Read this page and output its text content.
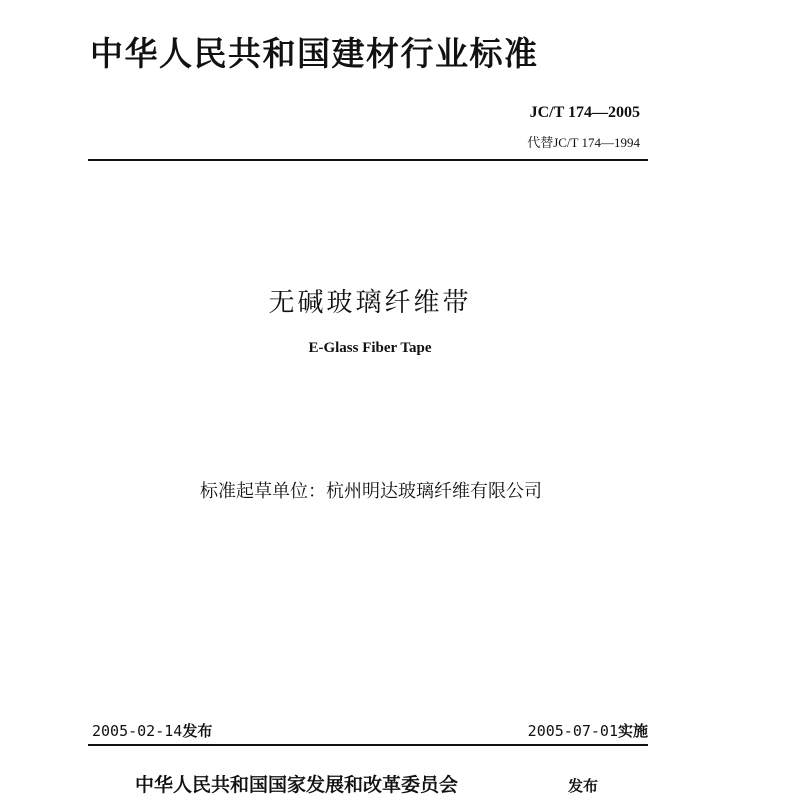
中华人民共和国建材行业标准
JC/T 174—2005
代替JC/T 174—1994
无碱玻璃纤维带
E-Glass Fiber Tape
标准起草单位：杭州明达玻璃纤维有限公司
2005-02-14发布	2005-07-01实施
中华人民共和国国家发展和改革委员会	发布
